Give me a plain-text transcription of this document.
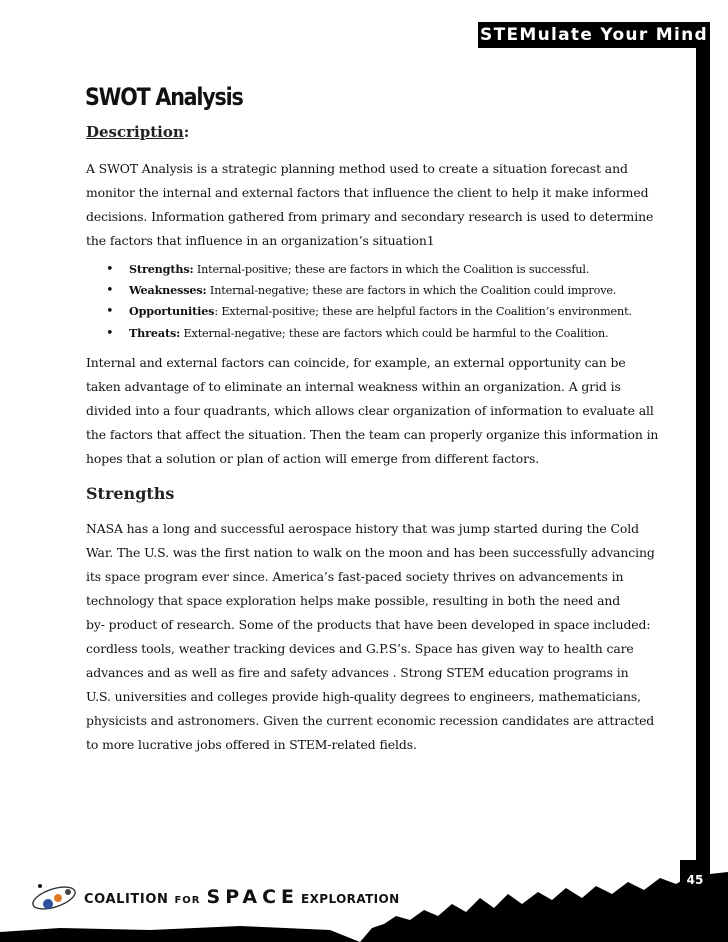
STEMulate Your Mind
SWOT Analysis
Description:
A SWOT Analysis is a strategic planning method used to create a situation forecast and
monitor the internal and external factors that influence the client to help it make informed
decisions. Information gathered from primary and secondary research is used to determine
the factors that influence in an organization’s situation1
• Strengths: Internal-positive; these are factors in which the Coalition is successful.
• Weaknesses: Internal-negative; these are factors in which the Coalition could improve.
• Opportunities: External-positive; these are helpful factors in the Coalition’s environment.
• Threats: External-negative; these are factors which could be harmful to the Coalition.
Internal and external factors can coincide, for example, an external opportunity can be
taken advantage of to eliminate an internal weakness within an organization. A grid is
divided into a four quadrants, which allows clear organization of information to evaluate all
the factors that affect the situation. Then the team can properly organize this information in
hopes that a solution or plan of action will emerge from different factors.
Strengths
NASA has a long and successful aerospace history that was jump started during the Cold
War. The U.S. was the first nation to walk on the moon and has been successfully advancing
its space program ever since. America’s fast-paced society thrives on advancements in
technology that space exploration helps make possible, resulting in both the need and
by- product of research. Some of the products that have been developed in space included:
cordless tools, weather tracking devices and G.P.S’s. Space has given way to health care
advances and as well as fire and safety advances . Strong STEM education programs in
U.S. universities and colleges provide high-quality degrees to engineers, mathematicians,
physicists and astronomers. Given the current economic recession candidates are attracted
to more lucrative jobs offered in STEM-related fields.
COALITION FOR SPACE EXPLORATION
45
